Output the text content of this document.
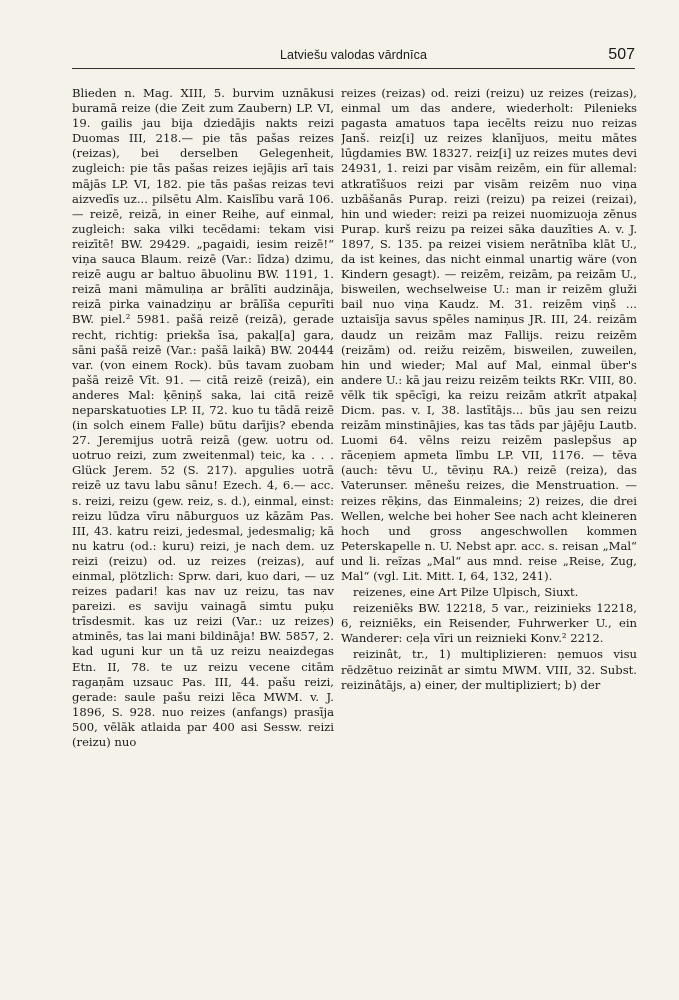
Latviešu valodas vārdnīca	507

Blieden n. Mag. XIII, 5. burvim uznākusi buramā reize (die Zeit zum Zaubern) LP. VI, 19. gailis jau bija dziedājis nakts reizi Duomas III, 218.— pie tās pašas reizes (reizas), bei derselben Gelegenheit, zugleich: pie tās pašas reizes iejājis arī tais mājās LP. VI, 182. pie tās pašas reizas tevi aizvedīs uz... pilsētu Alm. Kaislību varā 106. — reizē, reizā, in einer Reihe, auf einmal, zugleich: saka vilki tecēdami: tekam visi reizītē! BW. 29429. „pagaidi, iesim reizē!“ viņa sauca Blaum. reizē (Var.: līdza) dzimu, reizē augu ar baltuo ābuolinu BW. 1191, 1. reizā mani māmuliņa ar brālīti audzināja, reizā pirka vainadziņu ar brālīša cepurīti BW. piel.² 5981. pašā reizē (reizā), gerade recht, richtig: priekša īsa, pakaļ[a] gara, sāni pašā reizē (Var.: pašā laikā) BW. 20444 var. (von einem Rock). būs tavam zuobam pašā reizē Vīt. 91. — citā reizē (reizā), ein anderes Mal: ķēniņš saka, lai citā reizē neparskatuoties LP. II, 72. kuo tu tādā reizē (in solch einem Falle) būtu darījis? ebenda 27. Jeremijus uotrā reizā (gew. uotru od. uotruo reizi, zum zweitenmal) teic, ka . . . Glück Jerem. 52 (S. 217). apgulies uotrā reizē uz tavu labu sānu! Ezech. 4, 6.— acc. s. reizi, reizu (gew. reiz, s. d.), einmal, einst: reizu lūdza vīru nāburguos uz kāzām Pas. III, 43. katru reizi, jedesmal, jedesmalig; kā nu katru (od.: kuru) reizi, je nach dem. uz reizi (reizu) od. uz reizes (reizas), auf einmal, plötzlich: Sprw. dari, kuo dari, — uz reizes padari! kas nav uz reizu, tas nav pareizi. es saviju vainagā simtu puķu trīsdesmit. kas uz reizi (Var.: uz reizes) atminēs, tas lai mani bildināja! BW. 5857, 2. kad uguni kur un tā uz reizu neaizdegas Etn. II, 78. te uz reizu vecene citām ragaņām uzsauc Pas. III, 44. pašu reizi, gerade: saule pašu reizi lēca MWM. v. J. 1896, S. 928. nuo reizes (anfangs) prasīja 500, vēlāk atlaida par 400 asi Sessw. reizi (reizu) nuo

reizes (reizas) od. reizi (reizu) uz reizes (reizas), einmal um das andere, wiederholt: Pilenieks pagasta amatuos tapa iecēlts reizu nuo reizas Janš. reiz[i] uz reizes klanījuos, meitu mātes lūgdamies BW. 18327. reiz[i] uz reizes mutes devi 24931, 1. reizi par visām reizēm, ein für allemal: atkratīšuos reizi par visām reizēm nuo viņa uzbāšanās Purap. reizi (reizu) pa reizei (reizai), hin und wieder: reizi pa reizei nuomizuoja zēnus Purap. kurš reizu pa reizei sāka dauzīties A. v. J. 1897, S. 135. pa reizei visiem nerātnība klāt U., da ist keines, das nicht einmal unartig wäre (von Kindern gesagt). — reizēm, reizām, pa reizām U., bisweilen, wechselweise U.: man ir reizēm gluži bail nuo viņa Kaudz. M. 31. reizēm viņš ... uztaisīja savus spēles namiņus JR. III, 24. reizām daudz un reizām maz Fallijs. reizu reizēm (reizām) od. reižu reizēm, bisweilen, zuweilen, hin und wieder; Mal auf Mal, einmal über's andere U.: kā jau reizu reizēm teikts RKr. VIII, 80. vēlk tik spēcīgi, ka reizu reizām atkrīt atpakaļ Dicm. pas. v. I, 38. lastītājs... būs jau sen reizu reizām minstinājies, kas tas tāds par jājēju Lautb. Luomi 64. vēlns reizu reizēm paslepšus ap rāceņiem apmeta līmbu LP. VII, 1176. — tēva (auch: tēvu U., tēviņu RA.) reizē (reiza), das Vaterunser. mēnešu reizes, die Menstruation. — reizes rēķins, das Einmaleins; 2) reizes, die drei Wellen, welche bei hoher See nach acht kleineren hoch und gross angeschwollen kommen Peterskapelle n. U. Nebst apr. acc. s. reisan „Mal“ und li. reĩzas „Mal“ aus mnd. reise „Reise, Zug, Mal“ (vgl. Lit. Mitt. I, 64, 132, 241).

reizenes, eine Art Pilze Ulpisch, Siuxt.

reizeniēks BW. 12218, 5 var., reizinieks 12218, 6, reizniēks, ein Reisender, Fuhrwerker U., ein Wanderer: ceļa vīri un reiznieki Konv.² 2212.

reizinât, tr., 1) multiplizieren: ņemuos visu rēdzētuo reizināt ar simtu MWM. VIII, 32. Subst. reizinâtājs, a) einer, der multipliziert; b) der
